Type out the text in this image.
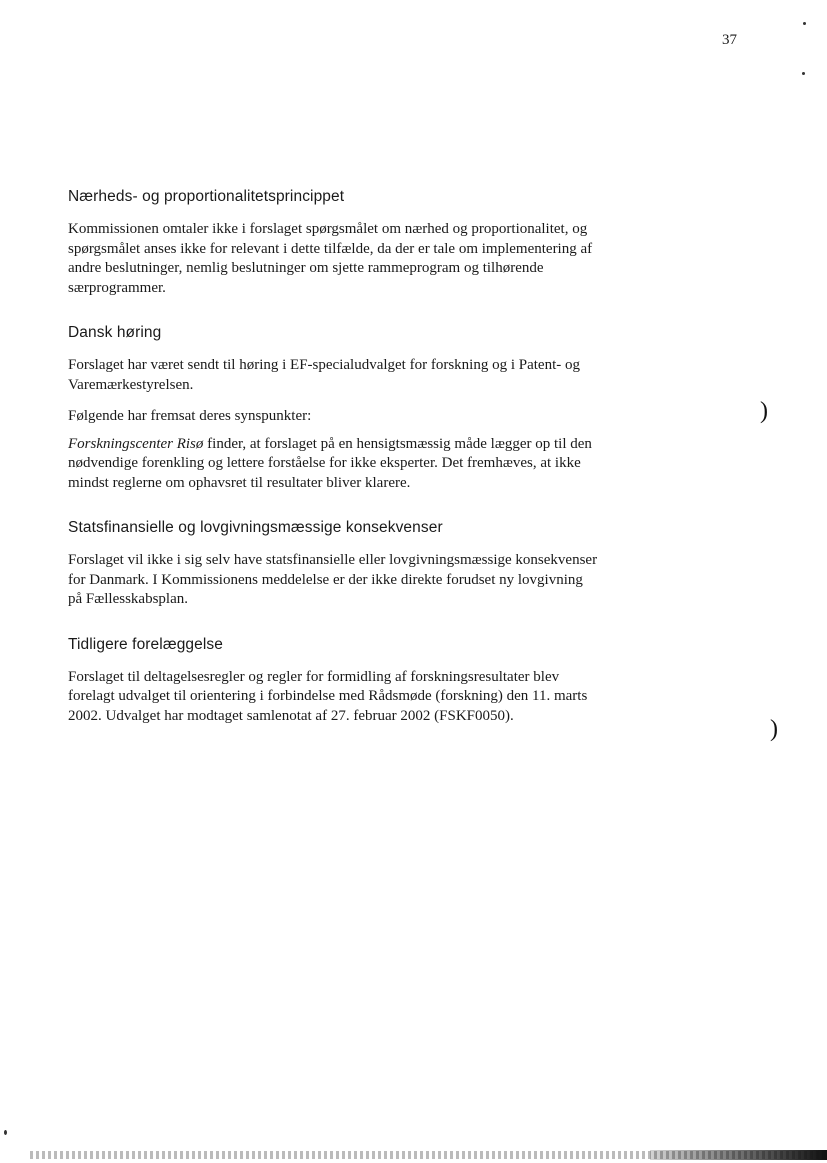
37
Nærheds- og proportionalitetsprincippet

Kommissionen omtaler ikke i forslaget spørgsmålet om nærhed og proportionalitet, og spørgsmålet anses ikke for relevant i dette tilfælde, da der er tale om implementering af andre beslutninger, nemlig beslutninger om sjette rammeprogram og tilhørende særprogrammer.

Dansk høring

Forslaget har været sendt til høring i EF-specialudvalget for forskning og i Patent- og Varemærkestyrelsen.

Følgende har fremsat deres synspunkter:

Forskningscenter Risø finder, at forslaget på en hensigtsmæssig måde lægger op til den nødvendige forenkling og lettere forståelse for ikke eksperter. Det fremhæves, at ikke mindst reglerne om ophavsret til resultater bliver klarere.

Statsfinansielle og lovgivningsmæssige konsekvenser

Forslaget vil ikke i sig selv have statsfinansielle eller lovgivningsmæssige konsekvenser for Danmark. I Kommissionens meddelelse er der ikke direkte forudset ny lovgivning på Fællesskabsplan.

Tidligere forelæggelse

Forslaget til deltagelsesregler og regler for formidling af forskningsresultater blev forelagt udvalget til orientering i forbindelse med Rådsmøde (forskning) den 11. marts 2002. Udvalget har modtaget samlenotat af 27. februar 2002 (FSKF0050).

)
)
